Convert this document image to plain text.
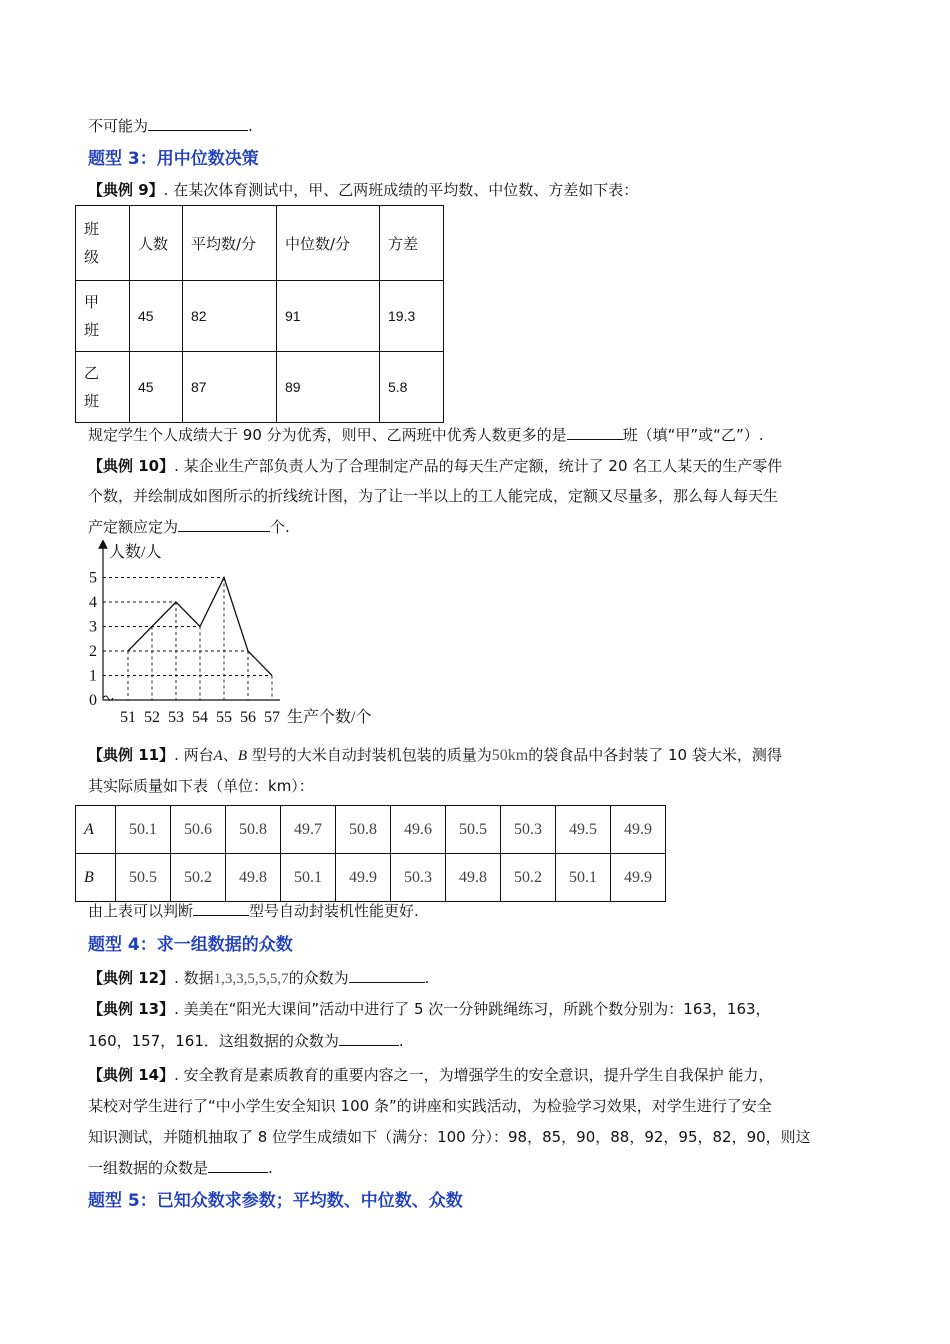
不可能为	.
题型 3：用中位数决策
【典例 9】. 在某次体育测试中，甲、乙两班成绩的平均数、中位数、方差如下表：
班
级	人数	平均数/分	中位数/分	方差
甲
班	45	82	91	19.3
乙
班	45	87	89	5.8
规定学生个人成绩大于 90 分为优秀，则甲、乙两班中优秀人数更多的是	班（填“甲”或“乙”）.
【典例 10】. 某企业生产部负责人为了合理制定产品的每天生产定额，统计了 20 名工人某天的生产零件
个数，并绘制成如图所示的折线统计图，为了让一半以上的工人能完成，定额又尽量多，那么每人每天生
产定额应定为	个.
0
1
2
3
4
5
51 52 53 54 55 56 57
人数/人
生产个数/个
【典例 11】. 两台A、B 型号的大米自动封装机包装的质量为50km的袋食品中各封装了 10 袋大米，测得
其实际质量如下表（单位：km）：
A	50.1	50.6	50.8	49.7	50.8	49.6	50.5	50.3	49.5	49.9
B	50.5	50.2	49.8	50.1	49.9	50.3	49.8	50.2	50.1	49.9
由上表可以判断	型号自动封装机性能更好.
题型 4：求一组数据的众数
【典例 12】. 数据1,3,3,5,5,5,7的众数为	.
【典例 13】. 美美在“阳光大课间”活动中进行了 5 次一分钟跳绳练习，所跳个数分别为：163，163，
160，157，161．这组数据的众数为	.
【典例 14】. 安全教育是素质教育的重要内容之一，为增强学生的安全意识，提升学生自我保护 能力，
某校对学生进行了“中小学生安全知识 100 条”的讲座和实践活动，为检验学习效果，对学生进行了安全
知识测试，并随机抽取了 8 位学生成绩如下（满分：100 分）：98，85，90，88，92，95，82，90，则这
一组数据的众数是	.
题型 5：已知众数求参数；平均数、中位数、众数
